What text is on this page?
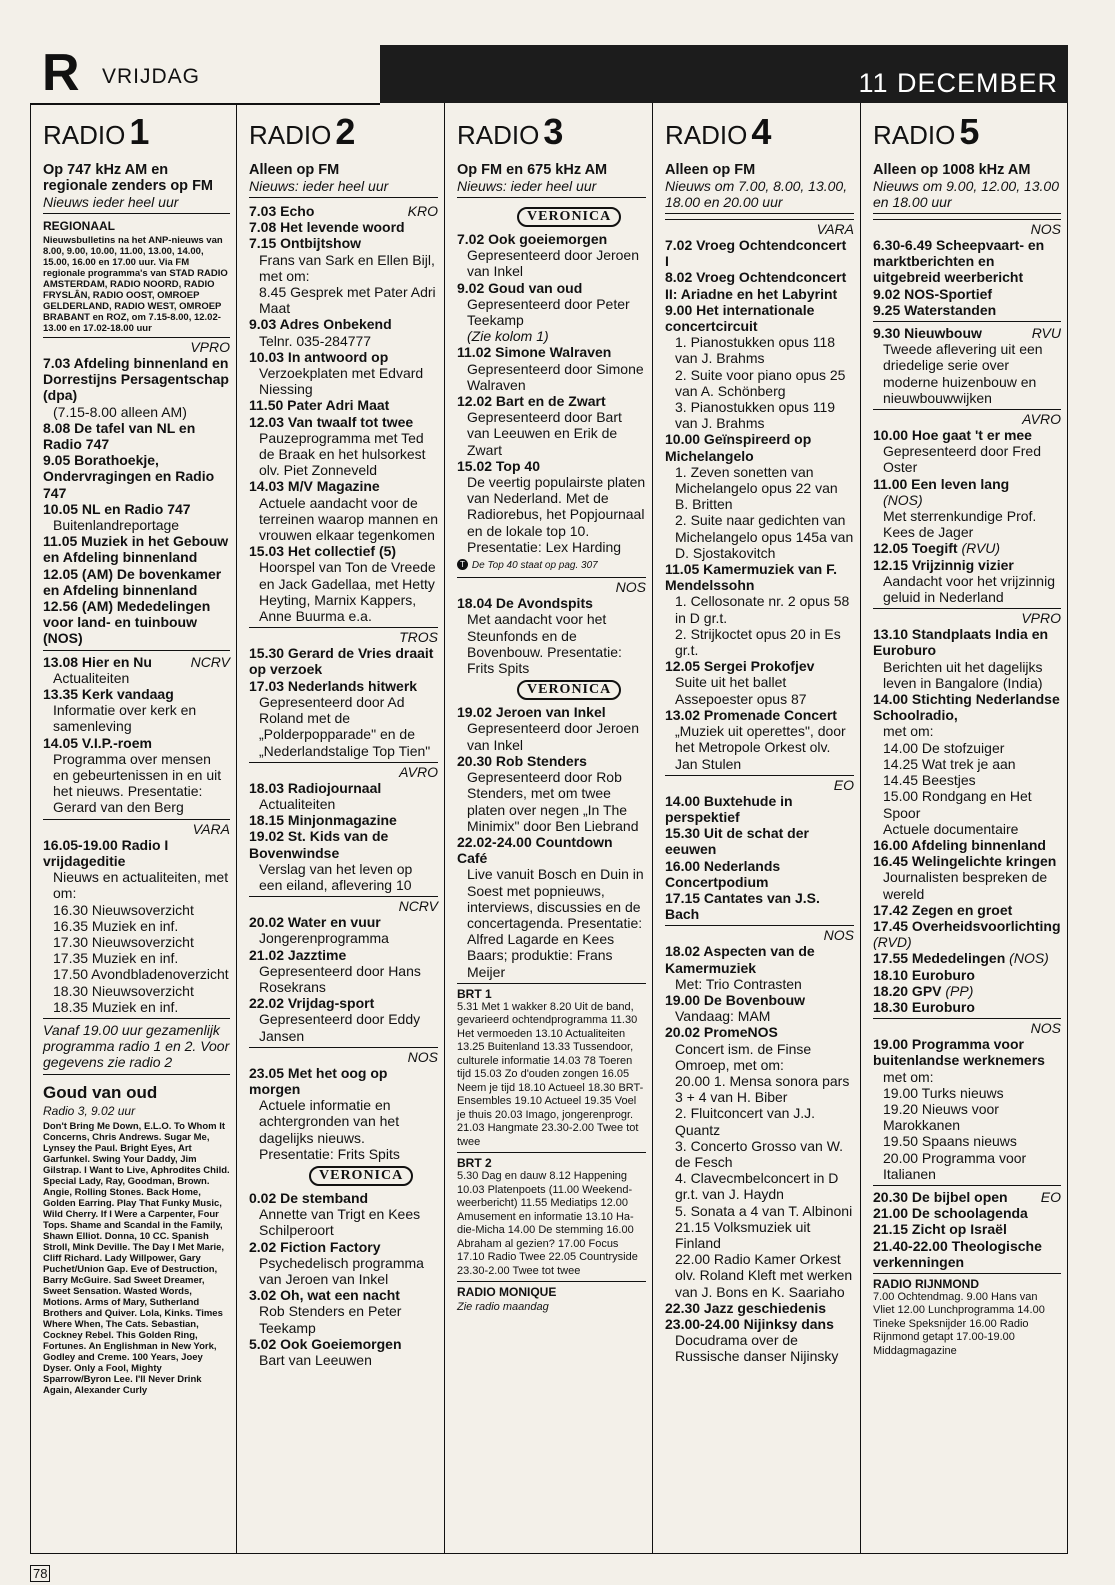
R VRIJDAG	11 DECEMBER
RADIO 1
Op 747 kHz AM en regionale zenders op FM
Nieuws ieder heel uur
REGIONAAL
Nieuwsbulletins na het ANP-nieuws van 8.00, 9.00, 10.00, 11.00, 13.00, 14.00, 15.00, 16.00 en 17.00 uur. Via FM regionale programma's van STAD RADIO AMSTERDAM, RADIO NOORD, RADIO FRYSLÂN, RADIO OOST, OMROEP GELDERLAND, RADIO WEST, OMROEP BRABANT en ROZ, om 7.15-8.00, 12.02-13.00 en 17.02-18.00 uur
VPRO

7.03 Afdeling binnenland en Dorrestijns Persagentschap (dpa)

(7.15-8.00 alleen AM)

8.08 De tafel van NL en Radio 747

9.05 Borathoekje, Ondervragingen en Radio 747

10.05 NL en Radio 747

Buitenlandreportage

11.05 Muziek in het Gebouw en Afdeling binnenland

12.05 (AM) De bovenkamer en Afdeling binnenland

12.56 (AM) Mededelingen voor land- en tuinbouw (NOS)

13.08 Hier en Nu	NCRV

Actualiteiten

13.35 Kerk vandaag

Informatie over kerk en samenleving

14.05 V.I.P.-roem

Programma over mensen en gebeurtenissen in en uit het nieuws. Presentatie: Gerard van den Berg

VARA

16.05-19.00 Radio I vrijdageditie

Nieuws en actualiteiten, met om:

16.30 Nieuwsoverzicht

16.35 Muziek en inf.

17.30 Nieuwsoverzicht

17.35 Muziek en inf.

17.50 Avondbladenoverzicht

18.30 Nieuwsoverzicht

18.35 Muziek en inf.

Vanaf 19.00 uur gezamenlijk programma radio 1 en 2. Voor gegevens zie radio 2

Goud van oud
Radio 3, 9.02 uur
Don't Bring Me Down, E.L.O. To Whom It Concerns, Chris Andrews. Sugar Me, Lynsey the Paul. Bright Eyes, Art Garfunkel. Swing Your Daddy, Jim Gilstrap. I Want to Live, Aphrodites Child. Special Lady, Ray, Goodman, Brown. Angie, Rolling Stones. Back Home, Golden Earring. Play That Funky Music, Wild Cherry. If I Were a Carpenter, Four Tops. Shame and Scandal in the Family, Shawn Elliot. Donna, 10 CC. Spanish Stroll, Mink Deville. The Day I Met Marie, Cliff Richard. Lady Willpower, Gary Puchet/Union Gap. Eve of Destruction, Barry McGuire. Sad Sweet Dreamer, Sweet Sensation. Wasted Words, Motions. Arms of Mary, Sutherland Brothers and Quiver. Lola, Kinks. Times Where When, The Cats. Sebastian, Cockney Rebel. This Golden Ring, Fortunes. An Englishman in New York, Godley and Creme. 100 Years, Joey Dyser. Only a Fool, Mighty Sparrow/Byron Lee. I'll Never Drink Again, Alexander Curly
RADIO 2
Alleen op FM
Nieuws: ieder heel uur

7.03 Echo	KRO

7.08 Het levende woord

7.15 Ontbijtshow

Frans van Sark en Ellen Bijl, met om:

8.45 Gesprek met Pater Adri Maat

9.03 Adres Onbekend

Telnr. 035-284777

10.03 In antwoord op

Verzoekplaten met Edvard Niessing

11.50 Pater Adri Maat

12.03 Van twaalf tot twee

Pauzeprogramma met Ted de Braak en het hulsorkest olv. Piet Zonneveld

14.03 M/V Magazine

Actuele aandacht voor de terreinen waarop mannen en vrouwen elkaar tegenkomen

15.03 Het collectief (5)

Hoorspel van Ton de Vreede en Jack Gadellaa, met Hetty Heyting, Marnix Kappers, Anne Buurma e.a.

TROS

15.30 Gerard de Vries draait op verzoek

17.03 Nederlands hitwerk

Gepresenteerd door Ad Roland met de „Polderpopparade" en de „Nederlandstalige Top Tien"

AVRO

18.03 Radiojournaal

Actualiteiten

18.15 Minjonmagazine

19.02 St. Kids van de Bovenwindse

Verslag van het leven op een eiland, aflevering 10

NCRV

20.02 Water en vuur

Jongerenprogramma

21.02 Jazztime

Gepresenteerd door Hans Rosekrans

22.02 Vrijdag-sport

Gepresenteerd door Eddy Jansen

NOS

23.05 Met het oog op morgen

Actuele informatie en achtergronden van het dagelijks nieuws. Presentatie: Frits Spits

VERONICA

0.02 De stemband

Annette van Trigt en Kees Schilperoort

2.02 Fiction Factory

Psychedelisch programma van Jeroen van Inkel

3.02 Oh, wat een nacht

Rob Stenders en Peter Teekamp

5.02 Ook Goeiemorgen

Bart van Leeuwen

RADIO 3
Op FM en 675 kHz AM
Nieuws: ieder heel uur
VERONICA

7.02 Ook goeiemorgen

Gepresenteerd door Jeroen van Inkel

9.02 Goud van oud

Gepresenteerd door Peter Teekamp

(Zie kolom 1)

11.02 Simone Walraven

Gepresenteerd door Simone Walraven

12.02 Bart en de Zwart

Gepresenteerd door Bart van Leeuwen en Erik de Zwart

15.02 Top 40

De veertig populairste platen van Nederland. Met de Radiorebus, het Popjournaal en de lokale top 10. Presentatie: Lex Harding

T De Top 40 staat op pag. 307

NOS

18.04 De Avondspits

Met aandacht voor het Steunfonds en de Bovenbouw. Presentatie: Frits Spits

VERONICA

19.02 Jeroen van Inkel

Gepresenteerd door Jeroen van Inkel

20.30 Rob Stenders

Gepresenteerd door Rob Stenders, met om twee platen over negen „In The Minimix" door Ben Liebrand

22.02-24.00 Countdown Café

Live vanuit Bosch en Duin in Soest met popnieuws, interviews, discussies en de concertagenda. Presentatie: Alfred Lagarde en Kees Baars; produktie: Frans Meijer

BRT 1
5.31 Met 1 wakker 8.20 Uit de band, gevarieerd ochtendprogramma 11.30 Het vermoeden 13.10 Actualiteiten 13.25 Buitenland 13.33 Tussendoor, culturele informatie 14.03 78 Toeren tijd 15.03 Zo d'ouden zongen 16.05 Neem je tijd 18.10 Actueel 18.30 BRT-Ensembles 19.10 Actueel 19.35 Voel je thuis 20.03 Imago, jongerenprogr. 21.03 Hangmate 23.30-2.00 Twee tot twee
BRT 2
5.30 Dag en dauw 8.12 Happening 10.03 Platenpoets (11.00 Weekend-weerbericht) 11.55 Mediatips 12.00 Amusement en informatie 13.10 Ha-die-Micha 14.00 De stemming 16.00 Abraham al gezien? 17.00 Focus 17.10 Radio Twee 22.05 Countryside 23.30-2.00 Twee tot twee
RADIO MONIQUE
Zie radio maandag
RADIO 4
Alleen op FM
Nieuws om 7.00, 8.00, 13.00, 18.00 en 20.00 uur
VARA

7.02 Vroeg Ochtendconcert I

8.02 Vroeg Ochtendconcert II: Ariadne en het Labyrint

9.00 Het internationale concertcircuit

1. Pianostukken opus 118 van J. Brahms

2. Suite voor piano opus 25 van A. Schönberg

3. Pianostukken opus 119 van J. Brahms

10.00 Geïnspireerd op Michelangelo

1. Zeven sonetten van Michelangelo opus 22 van B. Britten

2. Suite naar gedichten van Michelangelo opus 145a van D. Sjostakovitch

11.05 Kamermuziek van F. Mendelssohn

1. Cellosonate nr. 2 opus 58 in D gr.t.

2. Strijkoctet opus 20 in Es gr.t.

12.05 Sergei Prokofjev

Suite uit het ballet Assepoester opus 87

13.02 Promenade Concert

„Muziek uit operettes", door het Metropole Orkest olv. Jan Stulen

EO

14.00 Buxtehude in perspektief

15.30 Uit de schat der eeuwen

16.00 Nederlands Concertpodium

17.15 Cantates van J.S. Bach

NOS

18.02 Aspecten van de Kamermuziek

Met: Trio Contrasten

19.00 De Bovenbouw

Vandaag: MAM

20.02 PromeNOS

Concert ism. de Finse Omroep, met om:

20.00 1. Mensa sonora pars 3 + 4 van H. Biber

2. Fluitconcert van J.J. Quantz

3. Concerto Grosso van W. de Fesch

4. Clavecmbelconcert in D gr.t. van J. Haydn

5. Sonata a 4 van T. Albinoni

21.15 Volksmuziek uit Finland

22.00 Radio Kamer Orkest olv. Roland Kleft met werken van J. Bons en K. Saariaho

22.30 Jazz geschiedenis

23.00-24.00 Nijinksy dans

Docudrama over de Russische danser Nijinsky

RADIO 5
Alleen op 1008 kHz AM
Nieuws om 9.00, 12.00, 13.00 en 18.00 uur
NOS

6.30-6.49 Scheepvaart- en marktberichten en uitgebreid weerbericht

9.02 NOS-Sportief

9.25 Waterstanden

9.30 Nieuwbouw	RVU

Tweede aflevering uit een driedelige serie over moderne huizenbouw en nieuwbouwwijken

AVRO

10.00 Hoe gaat 't er mee

Gepresenteerd door Fred Oster

11.00 Een leven lang

(NOS)

Met sterrenkundige Prof. Kees de Jager

12.05 Toegift (RVU)

12.15 Vrijzinnig vizier

Aandacht voor het vrijzinnig geluid in Nederland

VPRO

13.10 Standplaats India en Euroburo

Berichten uit het dagelijks leven in Bangalore (India)

14.00 Stichting Nederlandse Schoolradio,

met om:

14.00 De stofzuiger

14.25 Wat trek je aan

14.45 Beestjes

15.00 Rondgang en Het Spoor

Actuele documentaire

16.00 Afdeling binnenland

16.45 Welingelichte kringen

Journalisten bespreken de wereld

17.42 Zegen en groet

17.45 Overheidsvoorlichting (RVD)

17.55 Mededelingen (NOS)

18.10 Euroburo

18.20 GPV (PP)

18.30 Euroburo

NOS

19.00 Programma voor buitenlandse werknemers

met om:

19.00 Turks nieuws

19.20 Nieuws voor Marokkanen

19.50 Spaans nieuws

20.00 Programma voor Italianen

20.30 De bijbel open EO

21.00 De schoolagenda

21.15 Zicht op Israël

21.40-22.00 Theologische verkenningen

RADIO RIJNMOND
7.00 Ochtendmag. 9.00 Hans van Vliet 12.00 Lunchprogramma 14.00 Tineke Speksnijder 16.00 Radio Rijnmond getapt 17.00-19.00 Middagmagazine
78
